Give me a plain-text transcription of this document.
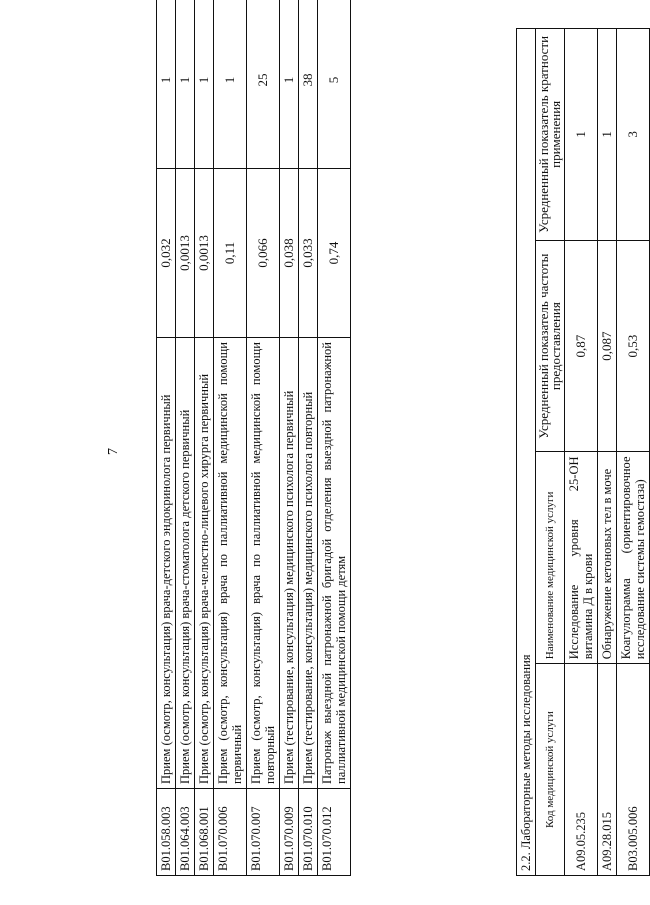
7
B01.058.003	Прием (осмотр, консультация) врача-детского эндокринолога первичный	0,032	1
B01.064.003	Прием (осмотр, консультация) врача-стоматолога детского первичный	0,0013	1
B01.068.001	Прием (осмотр, консультация) врача-челюстно-лицевого хирурга первичный	0,0013	1
B01.070.006	Прием (осмотр, консультация) врача по паллиативной медицинской помощи первичный	0,11	1
B01.070.007	Прием (осмотр, консультация) врача по паллиативной медицинской помощи повторный	0,066	25
B01.070.009	Прием (тестирование, консультация) медицинского психолога первичный	0,038	1
B01.070.010	Прием (тестирование, консультация) медицинского психолога повторный	0,033	38
B01.070.012	Патронаж выездной патронажной бригадой отделения выездной патронажной паллиативной медицинской помощи детям	0,74	5
2.2. Лабораторные методы исследования			
Код медицинской услуги	Наименование медицинской услуги	Усредненный показатель частоты предоставления	Усредненный показатель кратности применения
A09.05.235	Исследование уровня 25-ОН витамина Д в крови	0,87	1
A09.28.015	Обнаружение кетоновых тел в моче	0,087	1
B03.005.006	Коагулограмма (ориентировочное исследование системы гемостаза)	0,53	3
